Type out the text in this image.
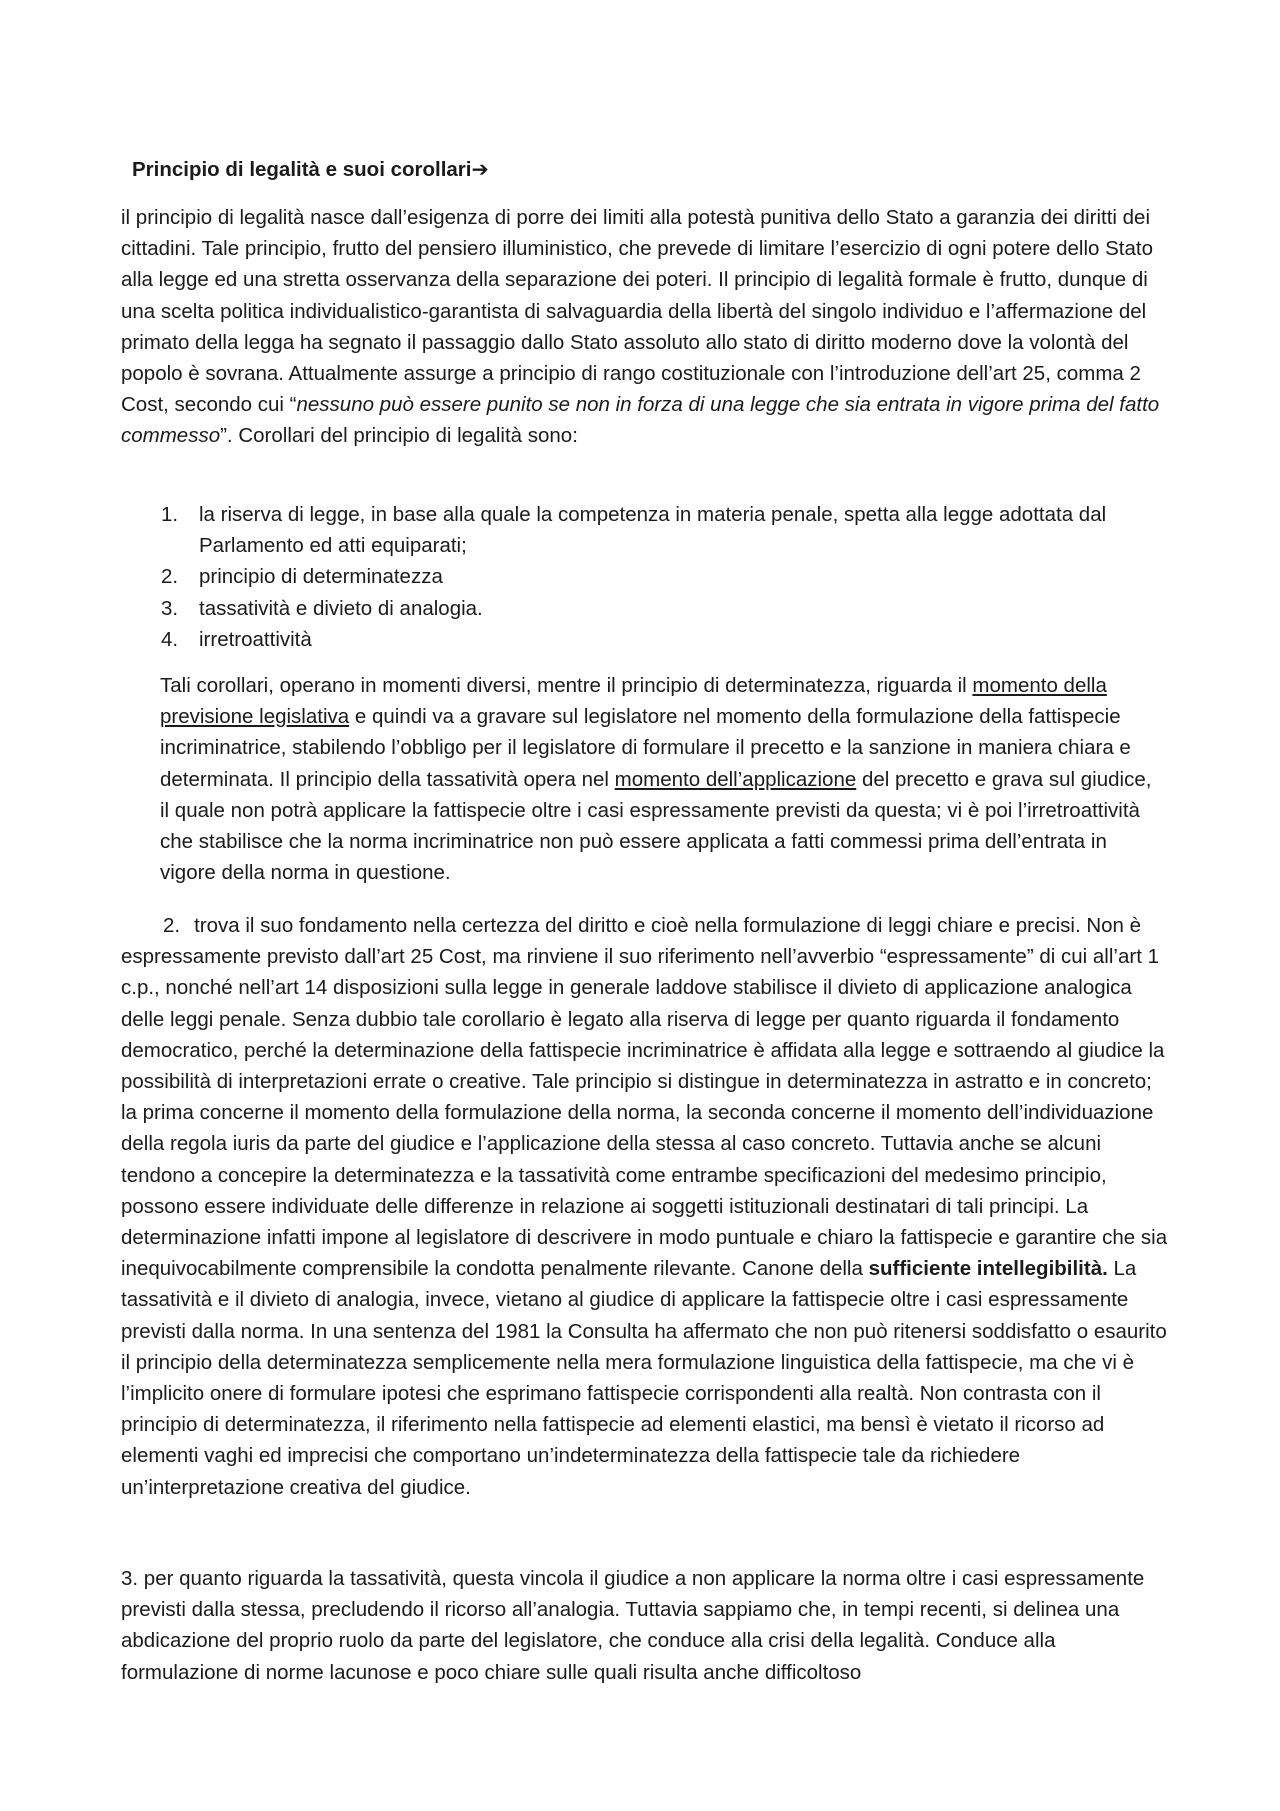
Principio di legalità e suoi corollari➔

il principio di legalità nasce dall’esigenza di porre dei limiti alla potestà punitiva dello Stato a garanzia dei diritti dei cittadini. Tale principio, frutto del pensiero illuministico, che prevede di limitare l’esercizio di ogni potere dello Stato alla legge ed una stretta osservanza della separazione dei poteri. Il principio di legalità formale è frutto, dunque di una scelta politica individualistico-garantista di salvaguardia della libertà del singolo individuo e l’affermazione del primato della legga ha segnato il passaggio dallo Stato assoluto allo stato di diritto moderno dove la volontà del popolo è sovrana. Attualmente assurge a principio di rango costituzionale con l’introduzione dell’art 25, comma 2 Cost, secondo cui “nessuno può essere punito se non in forza di una legge che sia entrata in vigore prima del fatto commesso”. Corollari del principio di legalità sono:

1. la riserva di legge, in base alla quale la competenza in materia penale, spetta alla legge adottata dal Parlamento ed atti equiparati;
2. principio di determinatezza
3. tassatività e divieto di analogia.
4. irretroattività

Tali corollari, operano in momenti diversi, mentre il principio di determinatezza, riguarda il momento della previsione legislativa e quindi va a gravare sul legislatore nel momento della formulazione della fattispecie incriminatrice, stabilendo l’obbligo per il legislatore di formulare il precetto e la sanzione in maniera chiara e determinata. Il principio della tassatività opera nel momento dell’applicazione del precetto e grava sul giudice, il quale non potrà applicare la fattispecie oltre i casi espressamente previsti da questa; vi è poi l’irretroattività che stabilisce che la norma incriminatrice non può essere applicata a fatti commessi prima dell’entrata in vigore della norma in questione.

2. trova il suo fondamento nella certezza del diritto e cioè nella formulazione di leggi chiare e precisi. Non è espressamente previsto dall’art 25 Cost, ma rinviene il suo riferimento nell’avverbio “espressamente” di cui all’art 1 c.p., nonché nell’art 14 disposizioni sulla legge in generale laddove stabilisce il divieto di applicazione analogica delle leggi penale. Senza dubbio tale corollario è legato alla riserva di legge per quanto riguarda il fondamento democratico, perché la determinazione della fattispecie incriminatrice è affidata alla legge e sottraendo al giudice la possibilità di interpretazioni errate o creative. Tale principio si distingue in determinatezza in astratto e in concreto; la prima concerne il momento della formulazione della norma, la seconda concerne il momento dell’individuazione della regola iuris da parte del giudice e l’applicazione della stessa al caso concreto. Tuttavia anche se alcuni tendono a concepire la determinatezza e la tassatività come entrambe specificazioni del medesimo principio, possono essere individuate delle differenze in relazione ai soggetti istituzionali destinatari di tali principi. La determinazione infatti impone al legislatore di descrivere in modo puntuale e chiaro la fattispecie e garantire che sia inequivocabilmente comprensibile la condotta penalmente rilevante. Canone della sufficiente intellegibilità. La tassatività e il divieto di analogia, invece, vietano al giudice di applicare la fattispecie oltre i casi espressamente previsti dalla norma. In una sentenza del 1981 la Consulta ha affermato che non può ritenersi soddisfatto o esaurito il principio della determinatezza semplicemente nella mera formulazione linguistica della fattispecie, ma che vi è l’implicito onere di formulare ipotesi che esprimano fattispecie corrispondenti alla realtà. Non contrasta con il principio di determinatezza, il riferimento nella fattispecie ad elementi elastici, ma bensì è vietato il ricorso ad elementi vaghi ed imprecisi che comportano un’indeterminatezza della fattispecie tale da richiedere un’interpretazione creativa del giudice.

3. per quanto riguarda la tassatività, questa vincola il giudice a non applicare la norma oltre i casi espressamente previsti dalla stessa, precludendo il ricorso all’analogia. Tuttavia sappiamo che, in tempi recenti, si delinea una abdicazione del proprio ruolo da parte del legislatore, che conduce alla crisi della legalità. Conduce alla formulazione di norme lacunose e poco chiare sulle quali risulta anche difficoltoso
